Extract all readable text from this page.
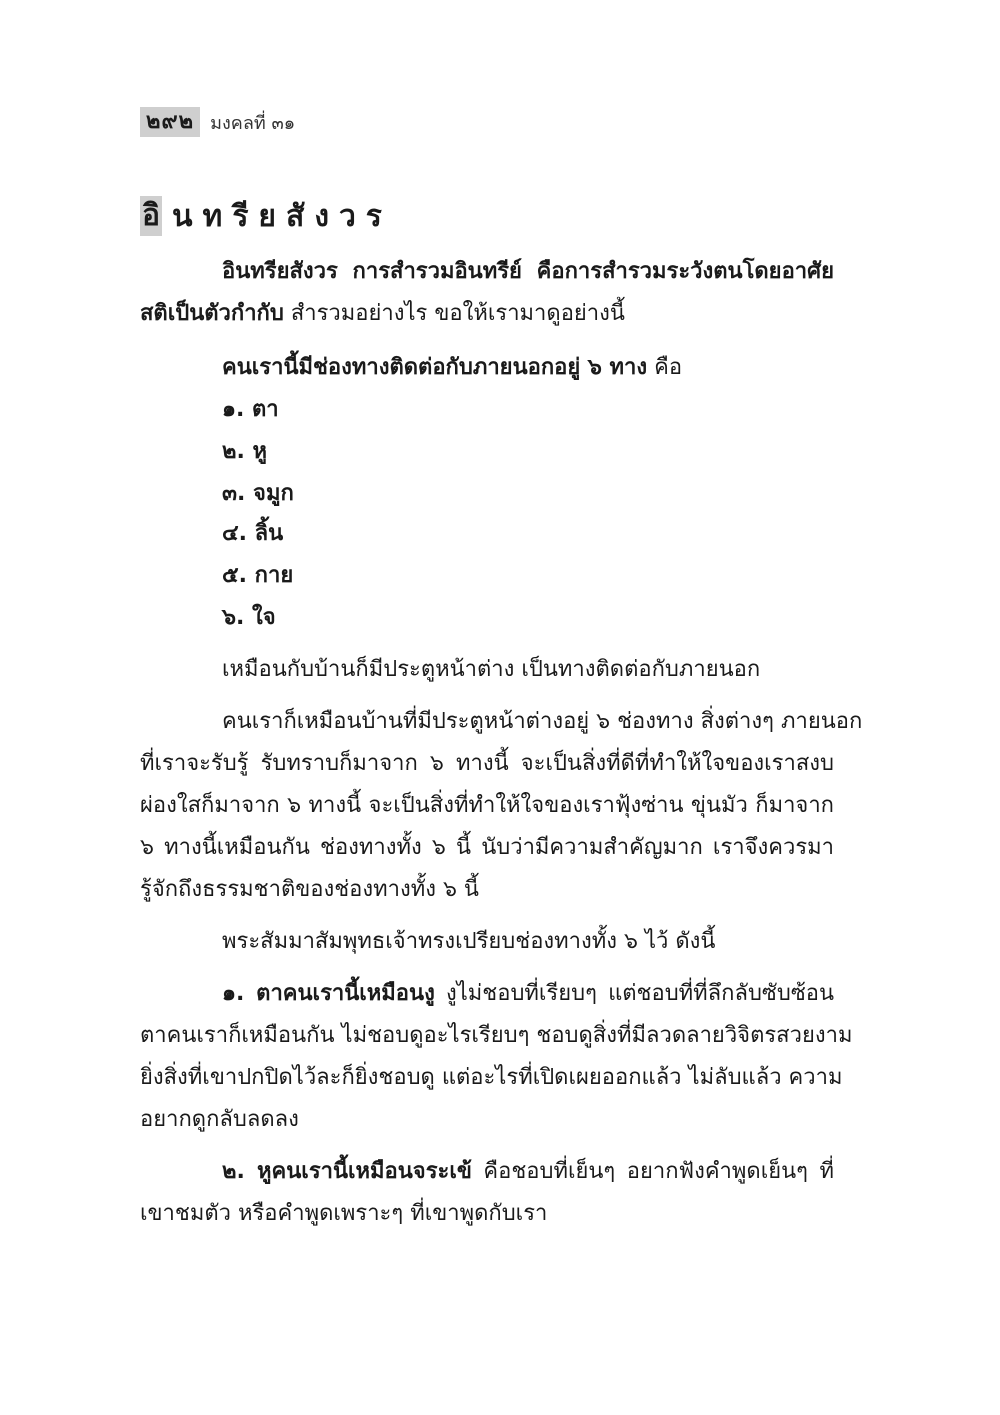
๒๙๒ มงคลที่ ๓๑
อิ นทรียสังวร
อินทรียสังวร การสำรวมอินทรีย์ คือการสำรวมระวังตนโดยอาศัย
สติเป็นตัวกำกับ สำรวมอย่างไร ขอให้เรามาดูอย่างนี้
คนเรานี้มีช่องทางติดต่อกับภายนอกอยู่ ๖ ทาง คือ
๑. ตา
๒. หู
๓. จมูก
๔. ลิ้น
๕. กาย
๖. ใจ
เหมือนกับบ้านก็มีประตูหน้าต่าง เป็นทางติดต่อกับภายนอก
คนเราก็เหมือนบ้านที่มีประตูหน้าต่างอยู่ ๖ ช่องทาง สิ่งต่างๆ ภายนอก
ที่เราจะรับรู้ รับทราบก็มาจาก ๖ ทางนี้ จะเป็นสิ่งที่ดีที่ทำให้ใจของเราสงบ
ผ่องใสก็มาจาก ๖ ทางนี้ จะเป็นสิ่งที่ทำให้ใจของเราฟุ้งซ่าน ขุ่นมัว ก็มาจาก
๖ ทางนี้เหมือนกัน ช่องทางทั้ง ๖ นี้ นับว่ามีความสำคัญมาก เราจึงควรมา
รู้จักถึงธรรมชาติของช่องทางทั้ง ๖ นี้
พระสัมมาสัมพุทธเจ้าทรงเปรียบช่องทางทั้ง ๖ ไว้ ดังนี้
๑. ตาคนเรานี้เหมือนงู งูไม่ชอบที่เรียบๆ แต่ชอบที่ที่ลึกลับซับซ้อน
ตาคนเราก็เหมือนกัน ไม่ชอบดูอะไรเรียบๆ ชอบดูสิ่งที่มีลวดลายวิจิตรสวยงาม
ยิ่งสิ่งที่เขาปกปิดไว้ละก็ยิ่งชอบดู แต่อะไรที่เปิดเผยออกแล้ว ไม่ลับแล้ว ความ
อยากดูกลับลดลง
๒. หูคนเรานี้เหมือนจระเข้ คือชอบที่เย็นๆ อยากฟังคำพูดเย็นๆ ที่
เขาชมตัว หรือคำพูดเพราะๆ ที่เขาพูดกับเรา
